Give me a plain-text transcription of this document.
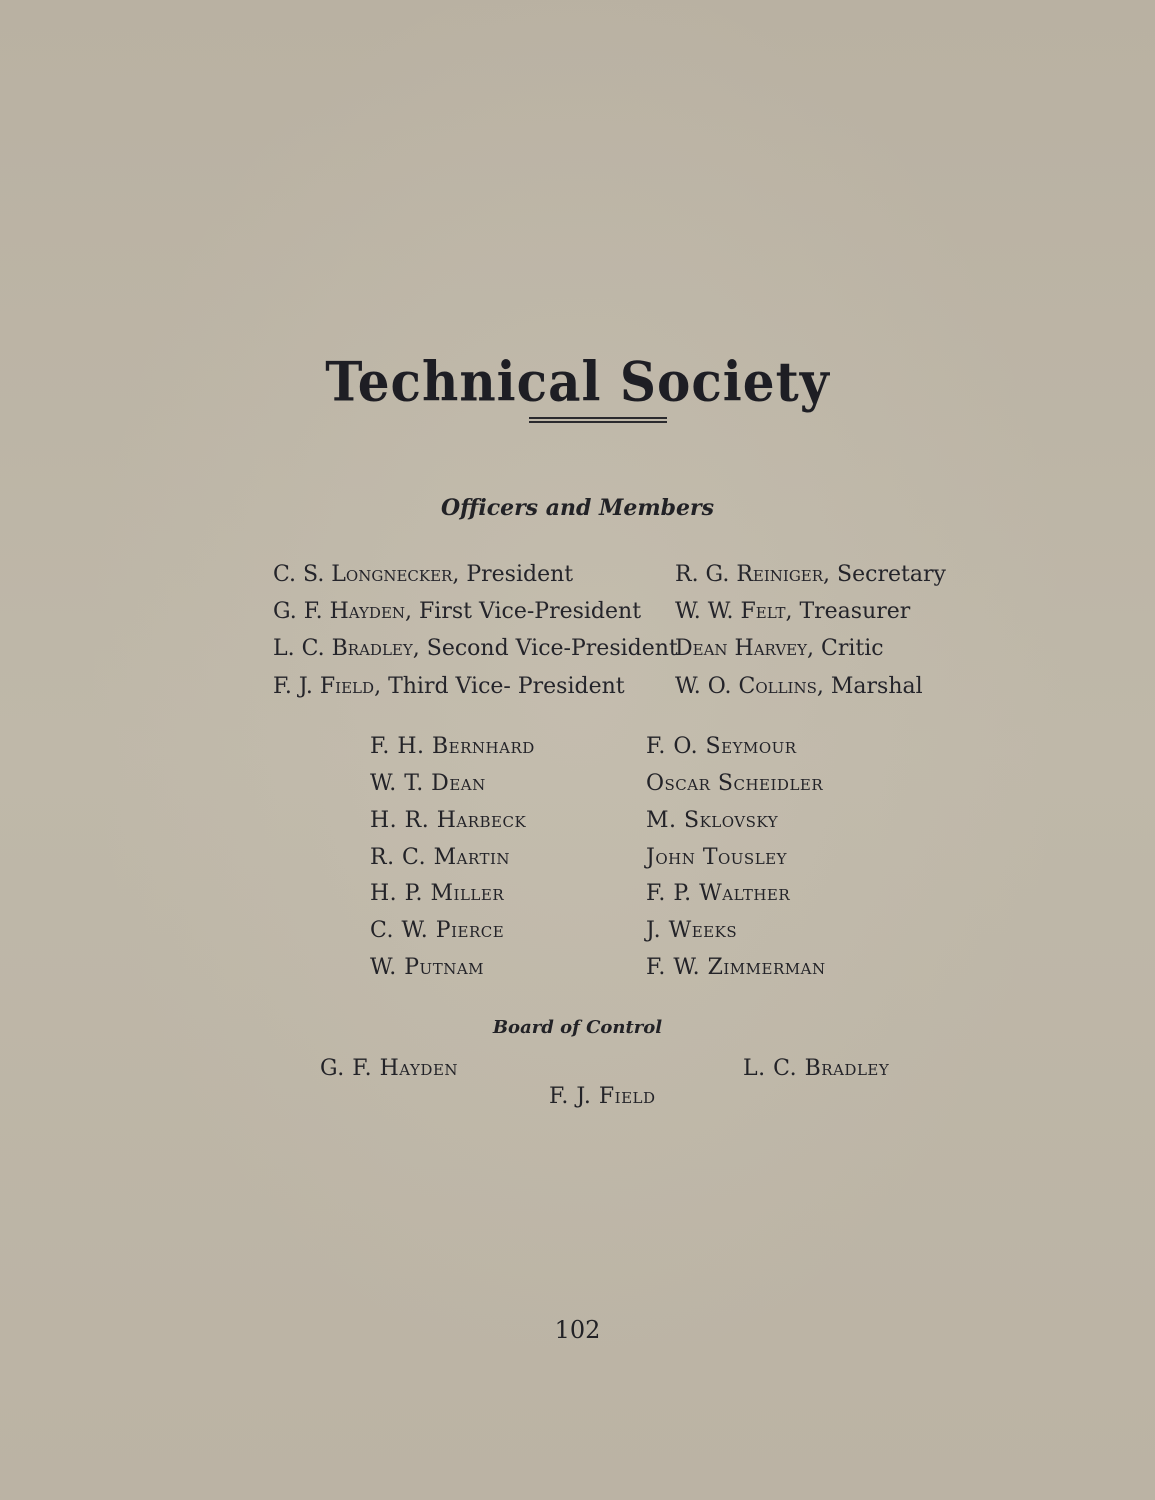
Technical Society
Officers and Members
C. S. Longnecker, President
G. F. Hayden, First Vice-President
L. C. Bradley, Second Vice-President
F. J. Field, Third Vice- President
R. G. Reiniger, Secretary
W. W. Felt, Treasurer
Dean Harvey, Critic
W. O. Collins, Marshal
F. H. Bernhard
W. T. Dean
H. R. Harbeck
R. C. Martin
H. P. Miller
C. W. Pierce
W. Putnam
F. O. Seymour
Oscar Scheidler
M. Sklovsky
John Tousley
F. P. Walther
J. Weeks
F. W. Zimmerman
Board of Control
G. F. Hayden	L. C. Bradley
F. J. Field
102
